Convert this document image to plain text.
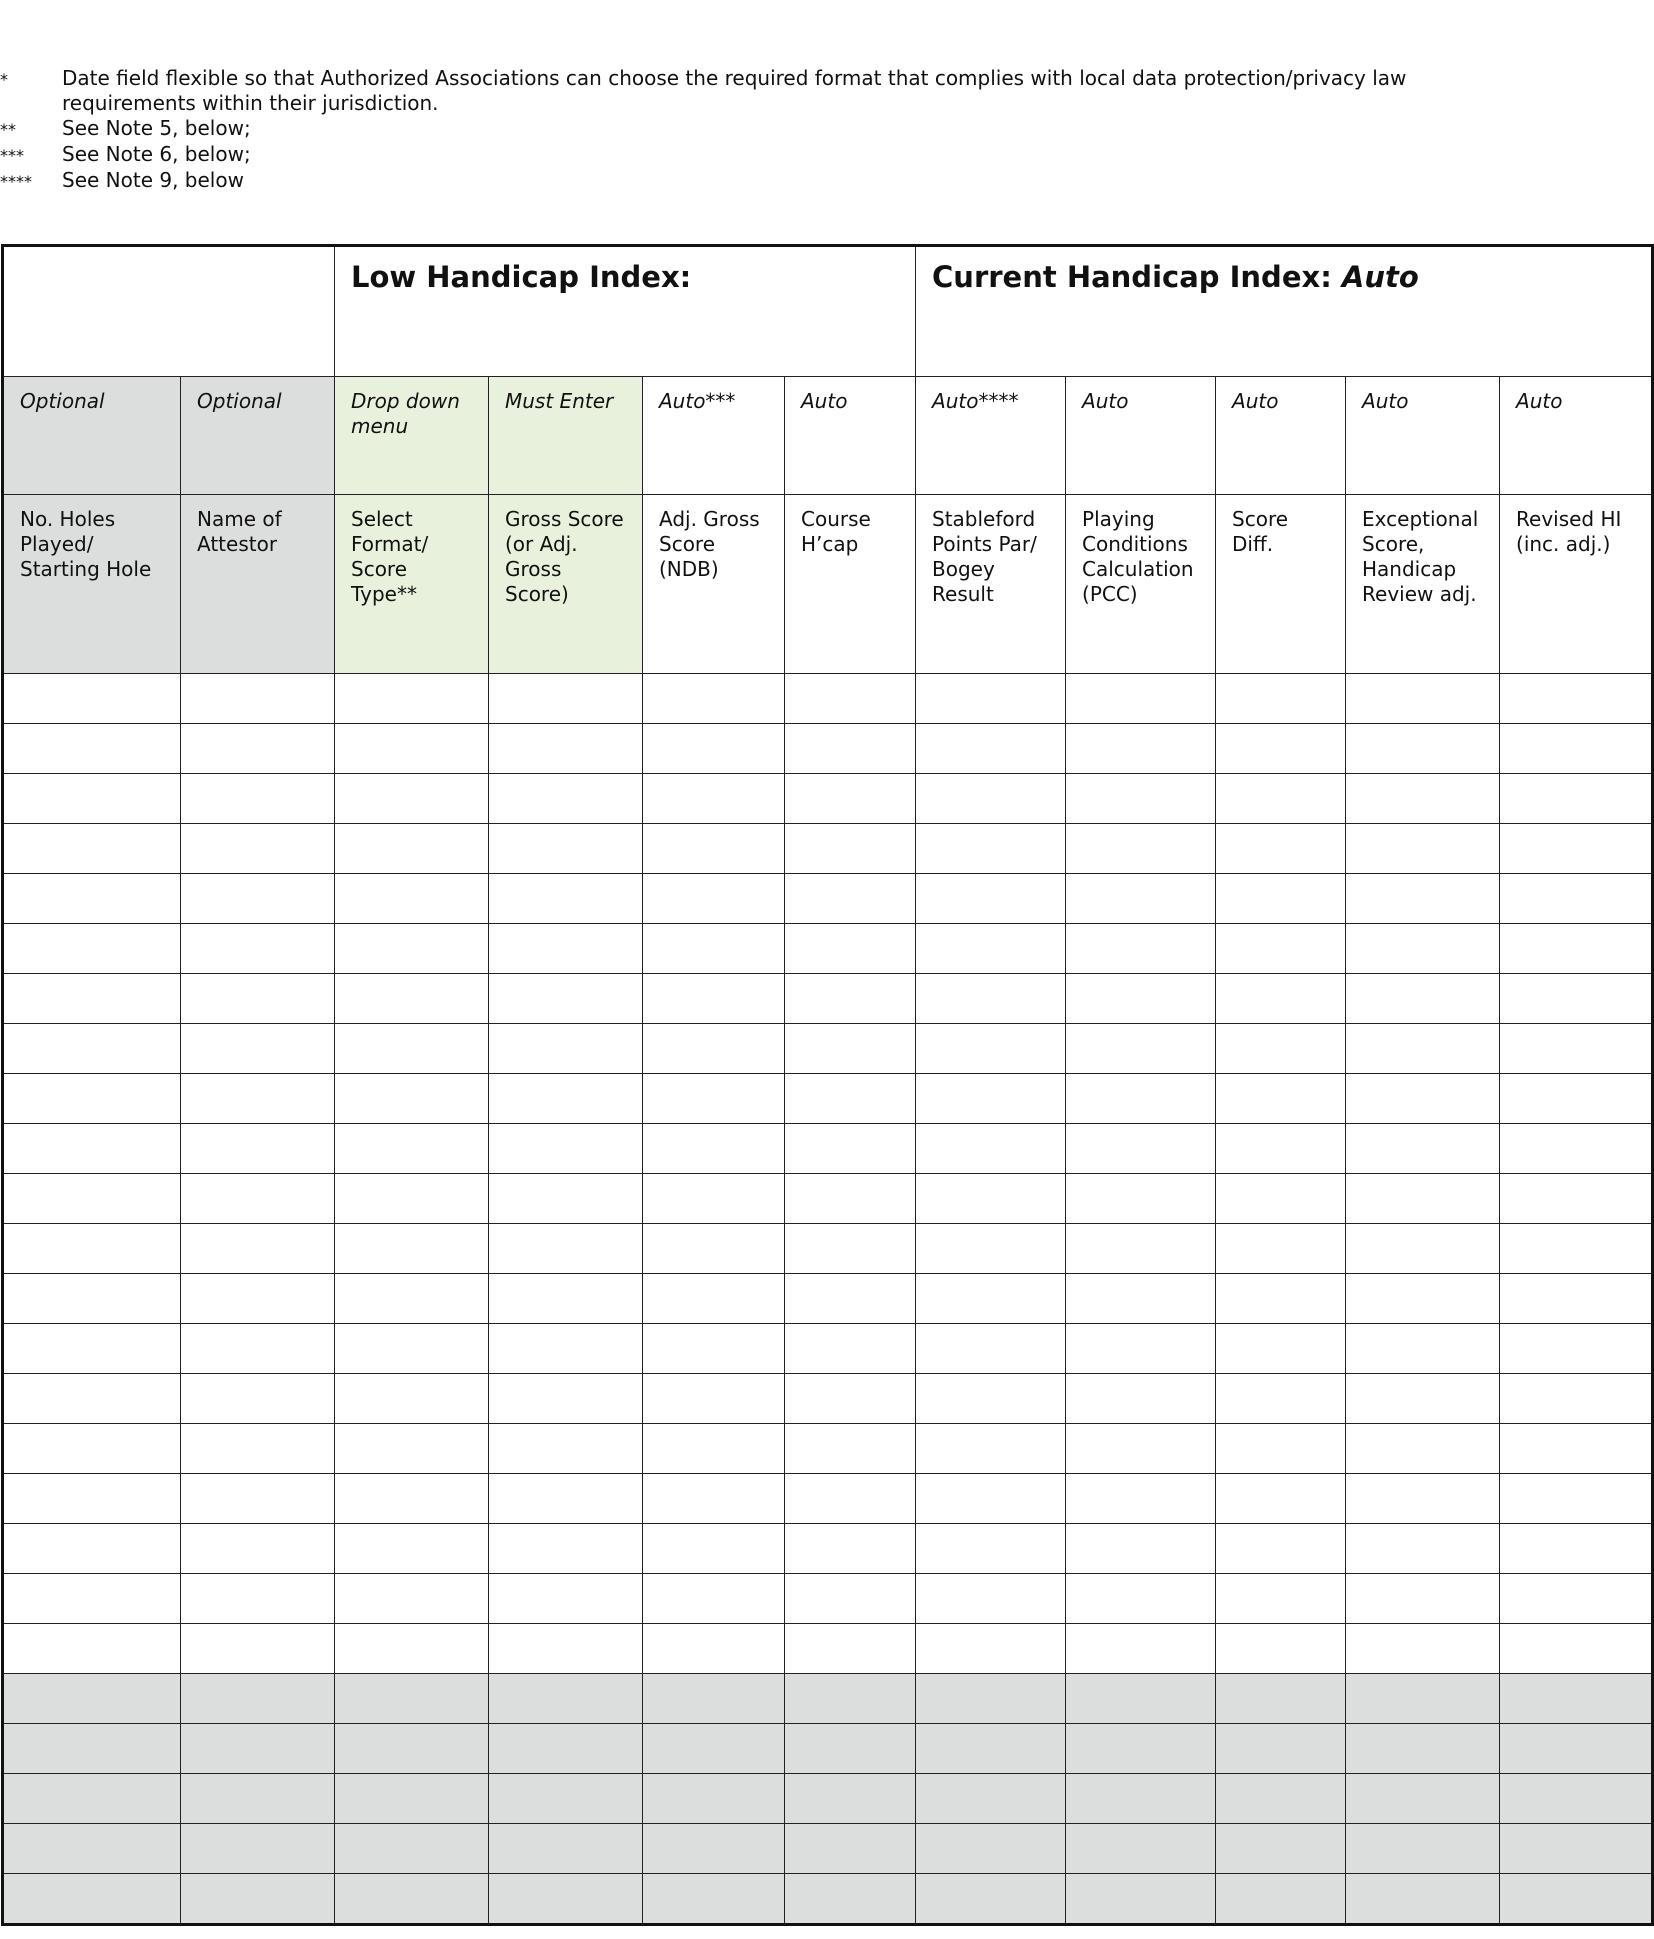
*	Date field flexible so that Authorized Associations can choose the required format that complies with local data protection/privacy law requirements within their jurisdiction.
**	See Note 5, below;
***	See Note 6, below;
****	See Note 9, below
		Low Handicap Index:				Current Handicap Index: Auto				

Optional	Optional	Drop down menu	Must Enter	Auto***	Auto	Auto****	Auto	Auto	Auto	Auto

No. Holes Played/ Starting Hole	Name of Attestor	Select Format/ Score Type**	Gross Score (or Adj. Gross Score)	Adj. Gross Score (NDB)	Course H’cap	Stableford Points Par/ Bogey Result	Playing Conditions Calculation (PCC)	Score Diff.	Exceptional Score, Handicap Review adj.	Revised HI (inc. adj.)
